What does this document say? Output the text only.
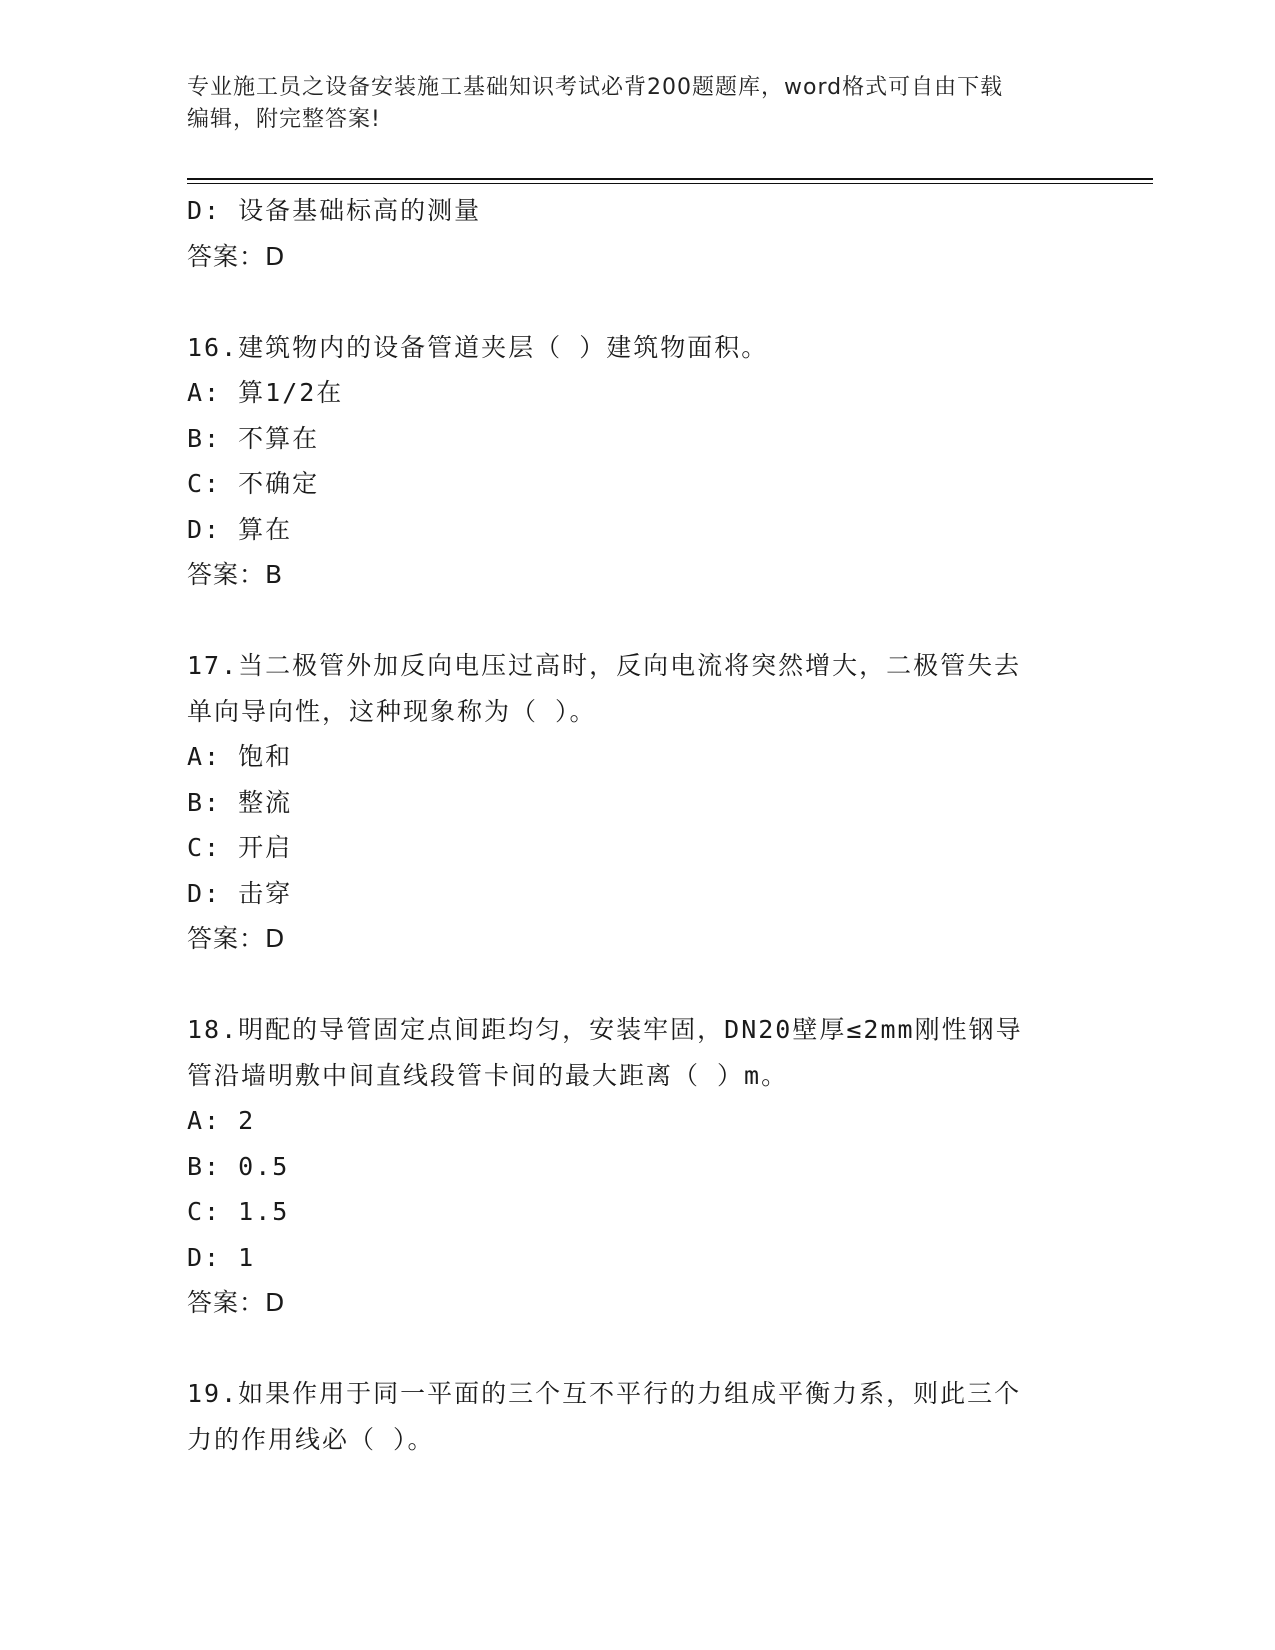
专业施工员之设备安装施工基础知识考试必背200题题库，word格式可自由下载
编辑，附完整答案!
D: 设备基础标高的测量
答案：D
16.建筑物内的设备管道夹层（ ）建筑物面积。
A: 算1/2在
B: 不算在
C: 不确定
D: 算在
答案：B
17.当二极管外加反向电压过高时，反向电流将突然增大，二极管失去
单向导向性，这种现象称为（ ）。
A: 饱和
B: 整流
C: 开启
D: 击穿
答案：D
18.明配的导管固定点间距均匀，安装牢固，DN20壁厚≤2mm刚性钢导
管沿墙明敷中间直线段管卡间的最大距离（ ）m。
A: 2
B: 0.5
C: 1.5
D: 1
答案：D
19.如果作用于同一平面的三个互不平行的力组成平衡力系，则此三个
力的作用线必（ ）。
